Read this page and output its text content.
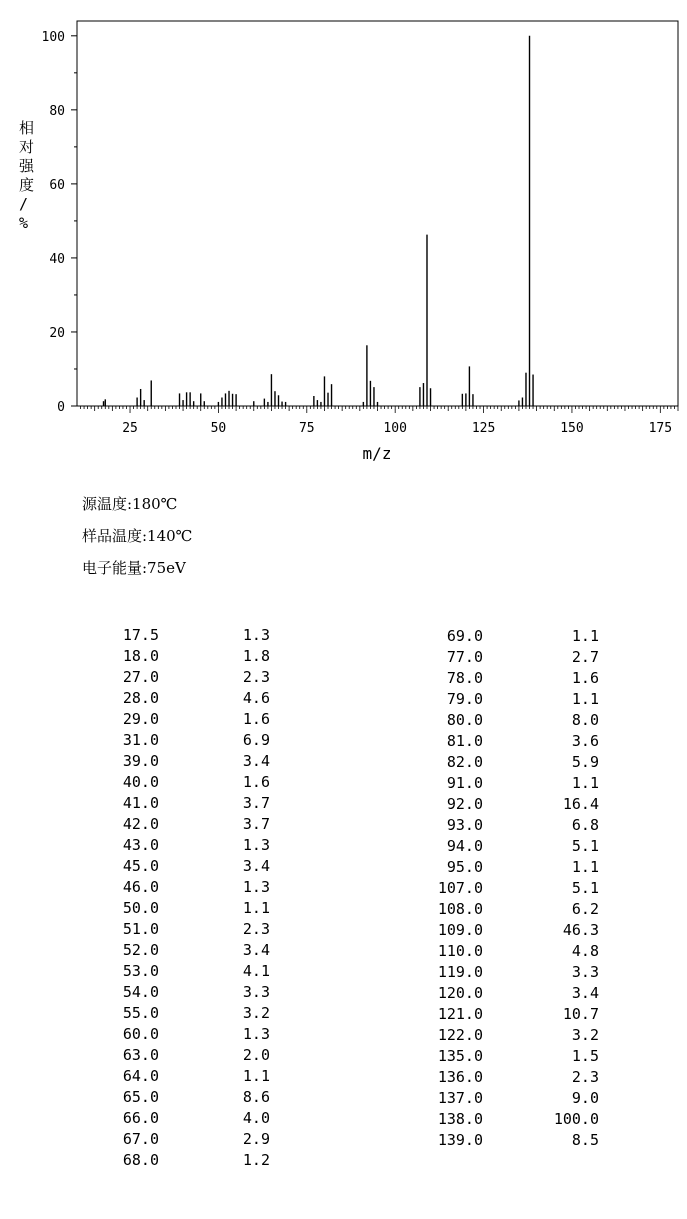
0
20
40
60
80
100
25	50	75	100	125	150	175
m/z
相对强度/ %
源温度:180℃
样品温度:140℃
电子能量:75eV
17.5	1.3
18.0	1.8
27.0	2.3
28.0	4.6
29.0	1.6
31.0	6.9
39.0	3.4
40.0	1.6
41.0	3.7
42.0	3.7
43.0	1.3
45.0	3.4
46.0	1.3
50.0	1.1
51.0	2.3
52.0	3.4
53.0	4.1
54.0	3.3
55.0	3.2
60.0	1.3
63.0	2.0
64.0	1.1
65.0	8.6
66.0	4.0
67.0	2.9
68.0	1.2
69.0	1.1
77.0	2.7
78.0	1.6
79.0	1.1
80.0	8.0
81.0	3.6
82.0	5.9
91.0	1.1
92.0	16.4
93.0	6.8
94.0	5.1
95.0	1.1
107.0	5.1
108.0	6.2
109.0	46.3
110.0	4.8
119.0	3.3
120.0	3.4
121.0	10.7
122.0	3.2
135.0	1.5
136.0	2.3
137.0	9.0
138.0	100.0
139.0	8.5
